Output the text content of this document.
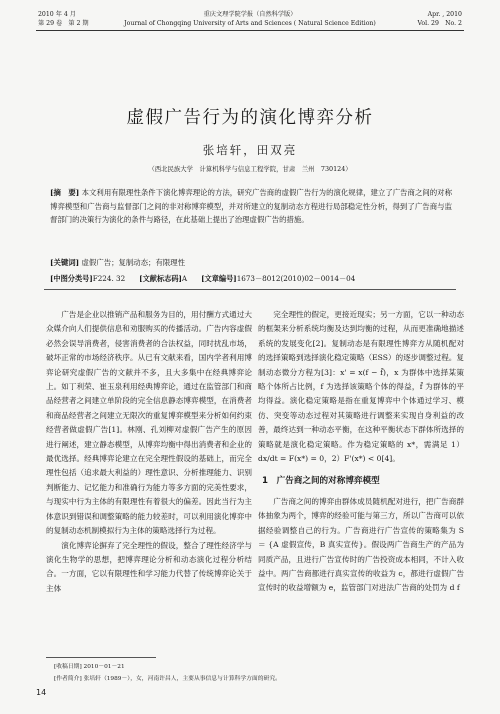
2010 年 4 月	重庆文理学院学报（自然科学版）	Apr. , 2010
第 29 卷　第 2 期	Journal of Chongqing University of Arts and Sciences ( Natural Science Edition)	Vol. 29　No. 2
虚假广告行为的演化博弈分析
张培轩，田双亮
（西北民族大学　计算机科学与信息工程学院，甘肃　兰州　730124）
[摘　要] 本文利用有限理性条件下演化博弈理论的方法，研究广告商的虚假广告行为的演化规律，建立了广告商之间的对称博弈模型和广告商与监督部门之间的非对称博弈模型，并对所建立的复制动态方程进行局部稳定性分析，得到了广告商与监督部门的决策行为演化的条件与路径，在此基础上提出了治理虚假广告的措施。
[关键词] 虚假广告；复制动态；有限理性
[中图分类号]F224. 32 [文献标志码]A [文章编号]1673－8012(2010)02－0014－04

广告是企业以推销产品和服务为目的，用付酬方式通过大众媒介向人们提供信息和劝服购买的传播活动。广告内容虚假必然会误导消费者，侵害消费者的合法权益，同时扰乱市场，破坏正常的市场经济秩序。从已有文献来看，国内学者利用博弈论研究虚假广告的文献并不多，且大多集中在经典博弈论上。如丁利荣、崔玉泉利用经典博弈论，通过在监管部门和商品经营者之间建立单阶段的完全信息静态博弈模型，在消费者和商品经营者之间建立无限次的重复博弈模型来分析如何约束经营者做虚假广告[1]。林刚、孔刘柳对虚假广告产生的原因进行阐述，建立静态模型，从博弈均衡中得出消费者和企业的最优选择。经典博弈论建立在完全理性假设的基础上，而完全理性包括（追求最大利益的）理性意识、分析推理能力、识别判断能力、记忆能力和准确行为能力等多方面的完美性要求，与现实中行为主体的有限理性有着很大的偏差。因此当行为主体意识到错误和调整策略的能力较差时，可以利用演化博弈中的复制动态机制模拟行为主体的策略选择行为过程。

演化博弈论摒弃了完全理性的假设，整合了理性经济学与演化生物学的思想，把博弈理论分析和动态演化过程分析结合。一方面，它以有限理性和学习能力代替了传统博弈论关于主体

完全理性的假定，更接近现实；另一方面，它以一种动态的框架来分析系统均衡及达到均衡的过程，从而更准确地描述系统的发展变化[2]。复制动态是有限理性博弈方从随机配对的选择策略到选择演化稳定策略（ESS）的逐步调整过程。复制动态微分方程为[3]：x' = x(f − f̄)，x 为群体中选择某策略个体所占比例，f 为选择该策略个体的得益，f̄ 为群体的平均得益。演化稳定策略是指在重复博弈中个体通过学习、模仿、突变等动态过程对其策略进行调整来实现自身利益的改善，最终达到一种动态平衡，在这种平衡状态下群体所选择的策略就是演化稳定策略。作为稳定策略的 x*，需满足 1）dx/dt = F(x*) = 0，2）F'(x*) < 0[4]。

1　广告商之间的对称博弈模型

广告商之间的博弈由群体成员随机配对进行，把广告商群体抽象为两个，博弈的经验可能与第三方，所以广告商可以依据经验调整自己的行为。广告商进行广告宣传的策略集为 S ＝ {A 虚假宣传，B 真实宣传}。假设两广告商生产的产品为同质产品，且进行广告宣传时的广告投资成本相同，不计入收益中。两广告商都进行真实宣传的收益为 c，都进行虚假广告宣传时的收益增额为 e，监管部门对进法广告商的处罚为 d f

[收稿日期] 2010－01－21
[作者简介] 张培轩（1989－），女，河南许昌人，主要从事信息与计算科学方面的研究。
14
